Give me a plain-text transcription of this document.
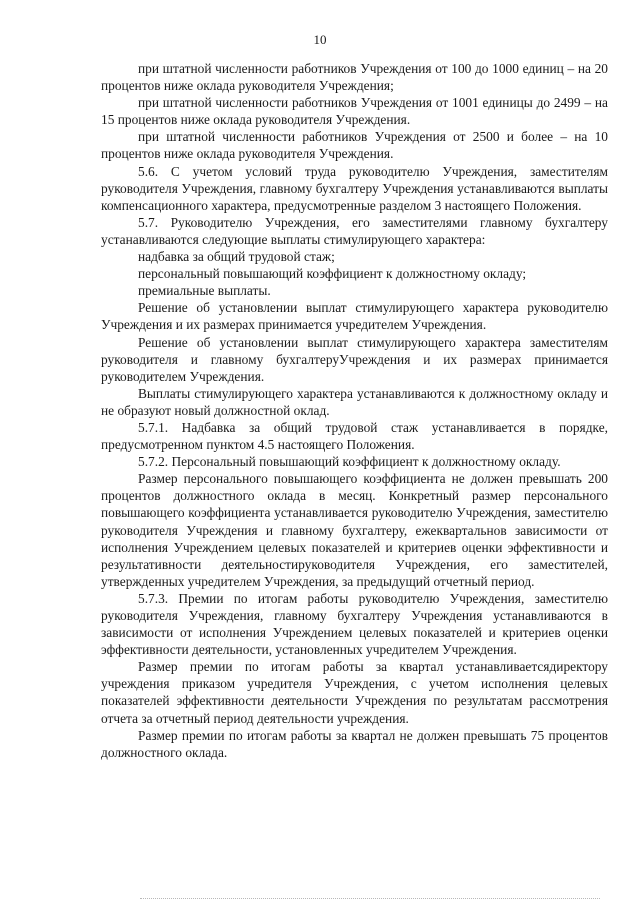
10

при штатной численности работников Учреждения от 100 до 1000 единиц – на 20 процентов ниже оклада руководителя Учреждения;

при штатной численности работников Учреждения от 1001 единицы до 2499 – на 15 процентов ниже оклада руководителя Учреждения.

при штатной численности работников Учреждения от 2500 и более – на 10 процентов ниже оклада руководителя Учреждения.

5.6. С учетом условий труда руководителю Учреждения, заместителям руководителя Учреждения, главному бухгалтеру Учреждения устанавливаются выплаты компенсационного характера, предусмотренные разделом 3 настоящего Положения.

5.7. Руководителю Учреждения, его заместителями главному бухгалтеру устанавливаются следующие выплаты стимулирующего характера:

надбавка за общий трудовой стаж;

персональный повышающий коэффициент к должностному окладу;

премиальные выплаты.

Решение об установлении выплат стимулирующего характера руководителю Учреждения и их размерах принимается учредителем Учреждения.

Решение об установлении выплат стимулирующего характера заместителям руководителя и главному бухгалтеруУчреждения и их размерах принимается руководителем Учреждения.

Выплаты стимулирующего характера устанавливаются к должностному окладу и не образуют новый должностной оклад.

5.7.1. Надбавка за общий трудовой стаж устанавливается в порядке, предусмотренном пунктом 4.5 настоящего Положения.

5.7.2. Персональный повышающий коэффициент к должностному окладу.

Размер персонального повышающего коэффициента не должен превышать 200 процентов должностного оклада в месяц. Конкретный размер персонального повышающего коэффициента устанавливается руководителю Учреждения, заместителю руководителя Учреждения и главному бухгалтеру, ежеквартальнов зависимости от исполнения Учреждением целевых показателей и критериев оценки эффективности и результативности деятельностируководителя Учреждения, его заместителей, утвержденных учредителем Учреждения, за предыдущий отчетный период.

5.7.3. Премии по итогам работы руководителю Учреждения, заместителю руководителя Учреждения, главному бухгалтеру Учреждения устанавливаются в зависимости от исполнения Учреждением целевых показателей и критериев оценки эффективности деятельности, установленных учредителем Учреждения.

Размер премии по итогам работы за квартал устанавливаетсядиректору учреждения приказом учредителя Учреждения, с учетом исполнения целевых показателей эффективности деятельности Учреждения по результатам рассмотрения отчета за отчетный период деятельности учреждения.

Размер премии по итогам работы за квартал не должен превышать 75 процентов должностного оклада.
